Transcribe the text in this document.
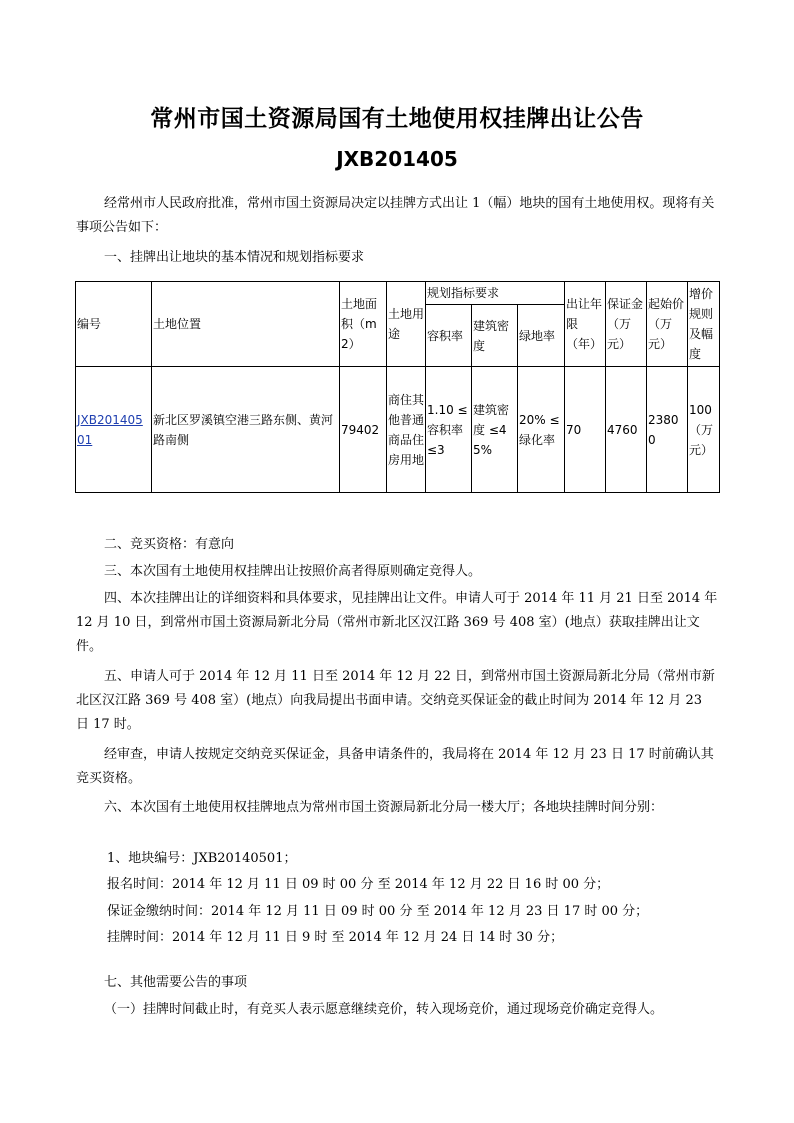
常州市国土资源局国有土地使用权挂牌出让公告
JXB201405
经常州市人民政府批准，常州市国土资源局决定以挂牌方式出让 1（幅）地块的国有土地使用权。现将有关事项公告如下：
一、挂牌出让地块的基本情况和规划指标要求
编号	土地位置	土地面积（m2）	土地用途	规划指标要求			出让年限（年）	保证金（万元）	起始价（万元）	增价规则及幅度
				容积率	建筑密度	绿地率				
JXB20140501	新北区罗溪镇空港三路东侧、黄河路南侧	79402	商住其他普通商品住房用地	1.10 ≤容积率≤3	建筑密度 ≤45%	20% ≤绿化率	70	4760	23800	100（万元）
二、竞买资格：有意向
三、本次国有土地使用权挂牌出让按照价高者得原则确定竞得人。
四、本次挂牌出让的详细资料和具体要求，见挂牌出让文件。申请人可于 2014 年 11 月 21 日至 2014 年 12 月 10 日，到常州市国土资源局新北分局（常州市新北区汉江路 369 号 408 室）(地点）获取挂牌出让文件。
五、申请人可于 2014 年 12 月 11 日至 2014 年 12 月 22 日，到常州市国土资源局新北分局（常州市新北区汉江路 369 号 408 室）(地点）向我局提出书面申请。交纳竞买保证金的截止时间为 2014 年 12 月 23 日 17 时。
经审查，申请人按规定交纳竞买保证金，具备申请条件的，我局将在 2014 年 12 月 23 日 17 时前确认其竞买资格。
六、本次国有土地使用权挂牌地点为常州市国土资源局新北分局一楼大厅；各地块挂牌时间分别：
1、地块编号：JXB20140501；
报名时间：2014 年 12 月 11 日 09 时 00 分 至 2014 年 12 月 22 日 16 时 00 分；
保证金缴纳时间：2014 年 12 月 11 日 09 时 00 分 至 2014 年 12 月 23 日 17 时 00 分；
挂牌时间：2014 年 12 月 11 日 9 时 至 2014 年 12 月 24 日 14 时 30 分；
七、其他需要公告的事项
（一）挂牌时间截止时，有竞买人表示愿意继续竞价，转入现场竞价，通过现场竞价确定竞得人。
